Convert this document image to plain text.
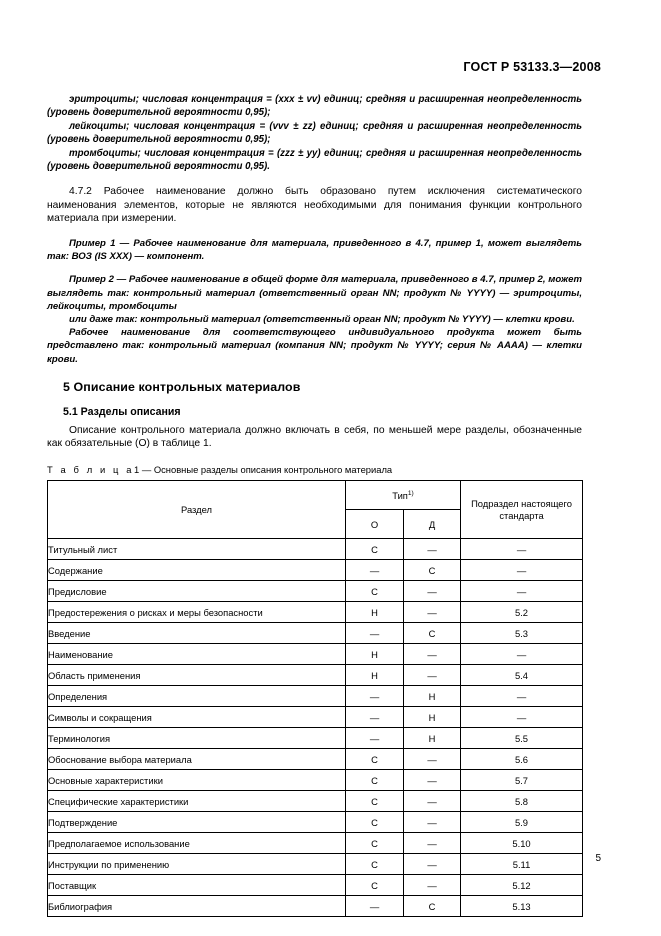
ГОСТ Р 53133.3—2008

эритроциты; числовая концентрация = (xxx ± vv) единиц; средняя и расширенная неопределенность (уровень доверительной вероятности 0,95);

лейкоциты; числовая концентрация = (vvv ± zz) единиц; средняя и расширенная неопределенность (уровень доверительной вероятности 0,95);

тромбоциты; числовая концентрация = (zzz ± yy) единиц; средняя и расширенная неопределенность (уровень доверительной вероятности 0,95).

4.7.2 Рабочее наименование должно быть образовано путем исключения систематического наименования элементов, которые не являются необходимыми для понимания функции контрольного материала при измерении.

Пример 1 — Рабочее наименование для материала, приведенного в 4.7, пример 1, может выглядеть так: ВОЗ (IS XXX) — компонент.

Пример 2 — Рабочее наименование в общей форме для материала, приведенного в 4.7, пример 2, может выглядеть так: контрольный материал (ответственный орган NN; продукт № YYYY) — эритроциты, лейкоциты, тромбоциты

или даже так: контрольный материал (ответственный орган NN; продукт № YYYY) — клетки крови.

Рабочее наименование для соответствующего индивидуального продукта может быть представлено так: контрольный материал (компания NN; продукт № YYYY; серия № AAAA) — клетки крови.

5 Описание контрольных материалов
5.1 Разделы описания

Описание контрольного материала должно включать в себя, по меньшей мере разделы, обозначенные как обязательные (О) в таблице 1.

Т а б л и ц а1 — Основные разделы описания контрольного материала
Раздел	Тип$^{1)}$		Подраздел настоящего стандарта
	О	Д	
Титульный лист	С	—	—
Содержание	—	С	—
Предисловие	С	—	—
Предостережения о рисках и меры безопасности	Н	—	5.2
Введение	—	С	5.3
Наименование	Н	—	—
Область применения	Н	—	5.4
Определения	—	Н	—
Символы и сокращения	—	Н	—
Терминология	—	Н	5.5
Обоснование выбора материала	С	—	5.6
Основные характеристики	С	—	5.7
Специфические характеристики	С	—	5.8
Подтверждение	С	—	5.9
Предполагаемое использование	С	—	5.10
Инструкции по применению	С	—	5.11
Поставщик	С	—	5.12
Библиография	—	С	5.13
5
